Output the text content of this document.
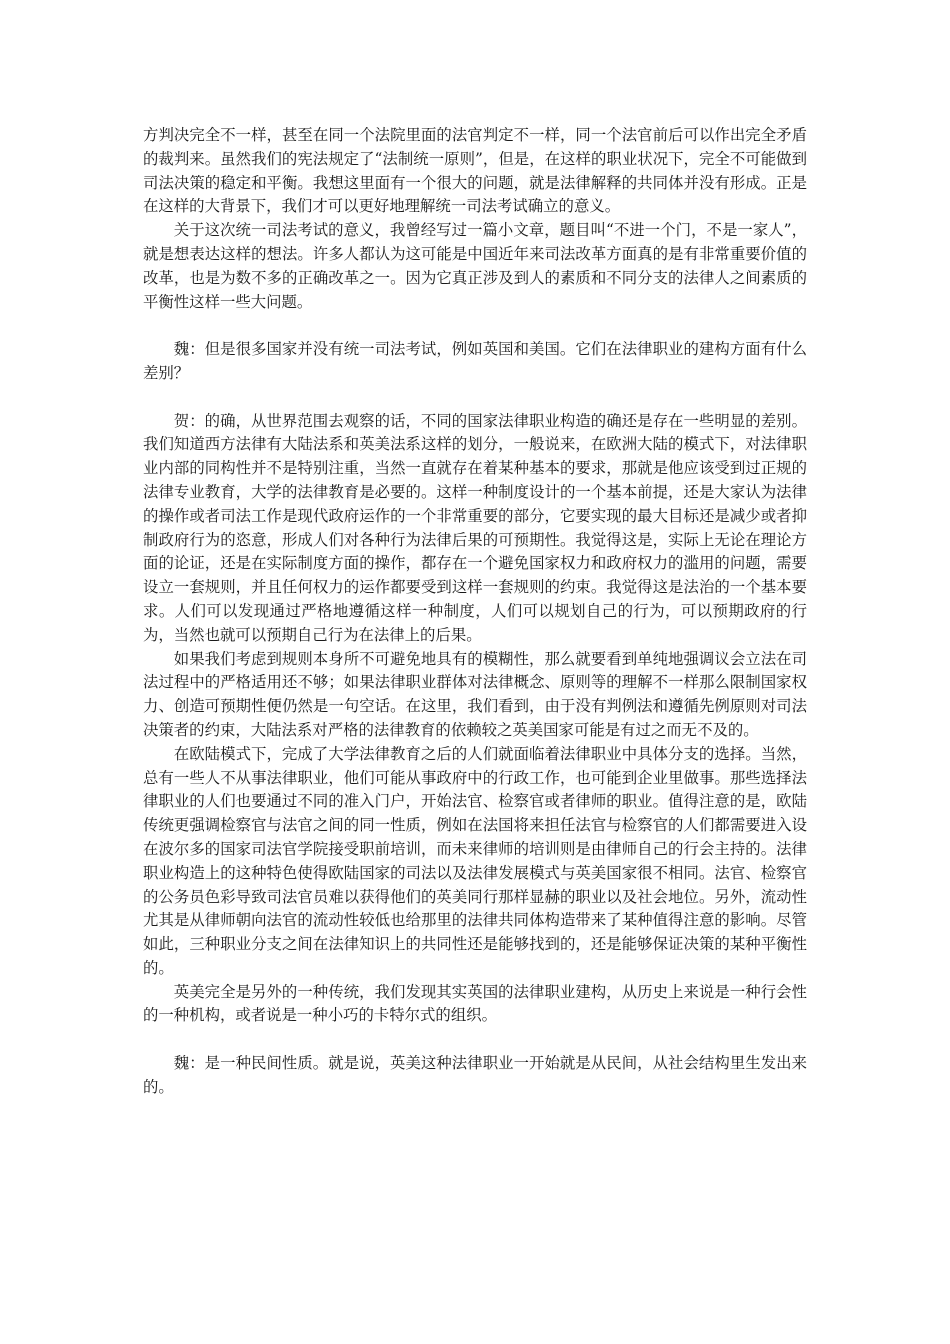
方判决完全不一样，甚至在同一个法院里面的法官判定不一样，同一个法官前后可以作出完全矛盾的裁判来。虽然我们的宪法规定了“法制统一原则”，但是，在这样的职业状况下，完全不可能做到司法决策的稳定和平衡。我想这里面有一个很大的问题，就是法律解释的共同体并没有形成。正是在这样的大背景下，我们才可以更好地理解统一司法考试确立的意义。

关于这次统一司法考试的意义，我曾经写过一篇小文章，题目叫“不进一个门，不是一家人”，就是想表达这样的想法。许多人都认为这可能是中国近年来司法改革方面真的是有非常重要价值的改革，也是为数不多的正确改革之一。因为它真正涉及到人的素质和不同分支的法律人之间素质的平衡性这样一些大问题。

魏：但是很多国家并没有统一司法考试，例如英国和美国。它们在法律职业的建构方面有什么差别？

贺：的确，从世界范围去观察的话，不同的国家法律职业构造的确还是存在一些明显的差别。我们知道西方法律有大陆法系和英美法系这样的划分，一般说来，在欧洲大陆的模式下，对法律职业内部的同构性并不是特别注重，当然一直就存在着某种基本的要求，那就是他应该受到过正规的法律专业教育，大学的法律教育是必要的。这样一种制度设计的一个基本前提，还是大家认为法律的操作或者司法工作是现代政府运作的一个非常重要的部分，它要实现的最大目标还是减少或者抑制政府行为的恣意，形成人们对各种行为法律后果的可预期性。我觉得这是，实际上无论在理论方面的论证，还是在实际制度方面的操作，都存在一个避免国家权力和政府权力的滥用的问题，需要设立一套规则，并且任何权力的运作都要受到这样一套规则的约束。我觉得这是法治的一个基本要求。人们可以发现通过严格地遵循这样一种制度，人们可以规划自己的行为，可以预期政府的行为，当然也就可以预期自己行为在法律上的后果。

如果我们考虑到规则本身所不可避免地具有的模糊性，那么就要看到单纯地强调议会立法在司法过程中的严格适用还不够；如果法律职业群体对法律概念、原则等的理解不一样那么限制国家权力、创造可预期性便仍然是一句空话。在这里，我们看到，由于没有判例法和遵循先例原则对司法决策者的约束，大陆法系对严格的法律教育的依赖较之英美国家可能是有过之而无不及的。

在欧陆模式下，完成了大学法律教育之后的人们就面临着法律职业中具体分支的选择。当然，总有一些人不从事法律职业，他们可能从事政府中的行政工作，也可能到企业里做事。那些选择法律职业的人们也要通过不同的准入门户，开始法官、检察官或者律师的职业。值得注意的是，欧陆传统更强调检察官与法官之间的同一性质，例如在法国将来担任法官与检察官的人们都需要进入设在波尔多的国家司法官学院接受职前培训，而未来律师的培训则是由律师自己的行会主持的。法律职业构造上的这种特色使得欧陆国家的司法以及法律发展模式与英美国家很不相同。法官、检察官的公务员色彩导致司法官员难以获得他们的英美同行那样显赫的职业以及社会地位。另外，流动性尤其是从律师朝向法官的流动性较低也给那里的法律共同体构造带来了某种值得注意的影响。尽管如此，三种职业分支之间在法律知识上的共同性还是能够找到的，还是能够保证决策的某种平衡性的。

英美完全是另外的一种传统，我们发现其实英国的法律职业建构，从历史上来说是一种行会性的一种机构，或者说是一种小巧的卡特尔式的组织。

魏：是一种民间性质。就是说，英美这种法律职业一开始就是从民间，从社会结构里生发出来的。
